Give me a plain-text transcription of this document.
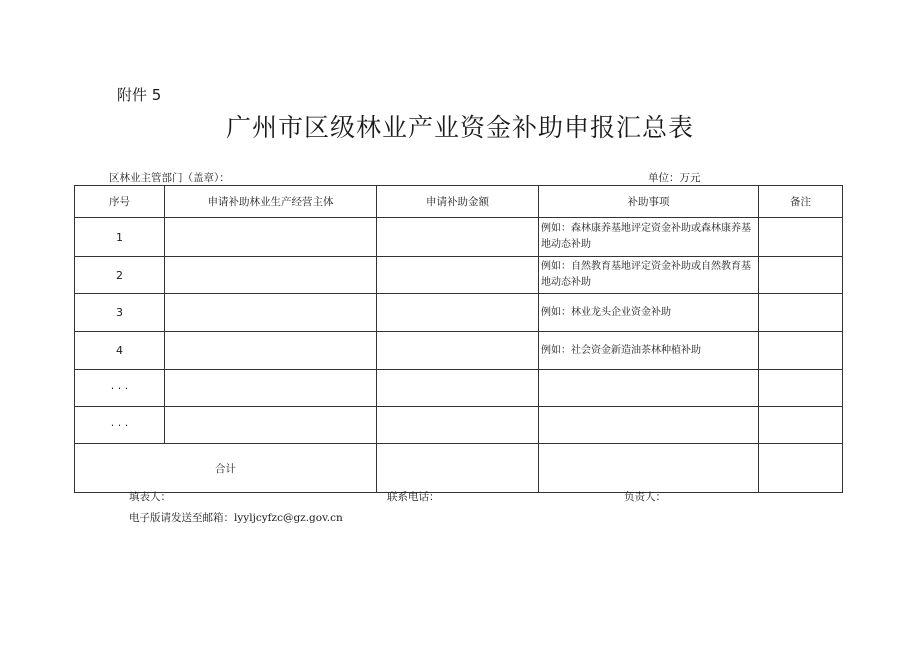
附件 5
广州市区级林业产业资金补助申报汇总表
区林业主管部门（盖章）：	单位：万元
序号	申请补助林业生产经营主体	申请补助金额	补助事项	备注
1			例如：森林康养基地评定资金补助或森林康养基地动态补助	
2			例如：自然教育基地评定资金补助或自然教育基地动态补助	
3			例如：林业龙头企业资金补助	
4			例如：社会资金新造油茶林种植补助	
· · ·				
· · ·				
合计				
填表人：	联系电话：	负责人：
电子版请发送至邮箱：lyyljcyfzc@gz.gov.cn
